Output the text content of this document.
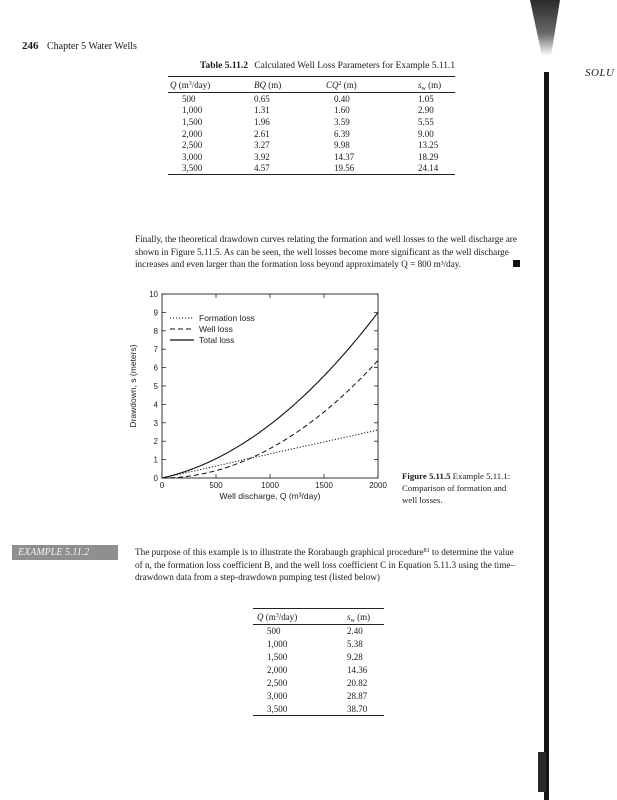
246 Chapter 5 Water Wells
SOLU
Table 5.11.2 Calculated Well Loss Parameters for Example 5.11.1
Q $(m^3/day)$	BQ (m)	$CQ^2$ (m)	$s_w$ (m)
500	0.65	0.40	1.05
1,000	1.31	1.60	2.90
1,500	1.96	3.59	5.55
2,000	2.61	6.39	9.00
2,500	3.27	9.98	13.25
3,000	3.92	14.37	18.29
3,500	4.57	19.56	24.14
Finally, the theoretical drawdown curves relating the formation and well losses to the well discharge are shown in Figure 5.11.5. As can be seen, the well losses become more significant as the well discharge increases and even larger than the formation loss beyond approximately Q = 800 m³/day.
0
1
2
3
4
5
6
7
8
9
10
0	500	1000	1500	2000
Well discharge, Q (m³/day)
Drawdown, s (meters)
Formation loss
Well loss
Total loss
Figure 5.11.5 Example 5.11.1: Comparison of formation and well losses.
EXAMPLE 5.11.2	The purpose of this example is to illustrate the Rorabaugh graphical procedure$^{81}$ to determine the value of n, the formation loss coefficient B, and the well loss coefficient C in Equation 5.11.3 using the time–drawdown data from a step-drawdown pumping test (listed below)
Q $(m^3/day)$	$s_w$ (m)
500	2.40
1,000	5.38
1,500	9.28
2,000	14.36
2,500	20.82
3,000	28.87
3,500	38.70
